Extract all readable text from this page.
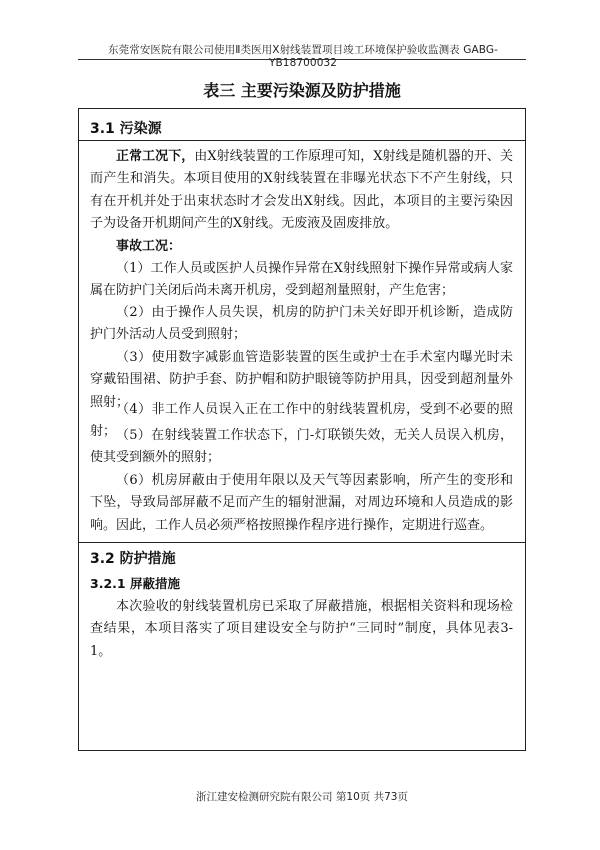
东莞常安医院有限公司使用Ⅱ类医用X射线装置项目竣工环境保护验收监测表 GABG-YB18700032
表三 主要污染源及防护措施
3.1 污染源

正常工况下，由X射线装置的工作原理可知，X射线是随机器的开、关而产生和消失。本项目使用的X射线装置在非曝光状态下不产生射线，只有在开机并处于出束状态时才会发出X射线。因此，本项目的主要污染因子为设备开机期间产生的X射线。无废液及固废排放。

事故工况：

（1）工作人员或医护人员操作异常在X射线照射下操作异常或病人家属在防护门关闭后尚未离开机房，受到超剂量照射，产生危害；

（2）由于操作人员失误，机房的防护门未关好即开机诊断，造成防护门外活动人员受到照射；

（3）使用数字减影血管造影装置的医生或护士在手术室内曝光时未穿戴铅围裙、防护手套、防护帽和防护眼镜等防护用具，因受到超剂量外照射；

（4）非工作人员误入正在工作中的射线装置机房，受到不必要的照射； （5）在射线装置工作状态下，门-灯联锁失效，无关人员误入机房，使其受到额外的照射；

（6）机房屏蔽由于使用年限以及天气等因素影响，所产生的变形和下坠，导致局部屏蔽不足而产生的辐射泄漏，对周边环境和人员造成的影响。 因此，工作人员必须严格按照操作程序进行操作，定期进行巡查。

3.2 防护措施
3.2.1 屏蔽措施

本次验收的射线装置机房已采取了屏蔽措施，根据相关资料和现场检查结果，本项目落实了项目建设安全与防护“三同时”制度，具体见表3-1。

浙江建安检测研究院有限公司 第10页 共73页
